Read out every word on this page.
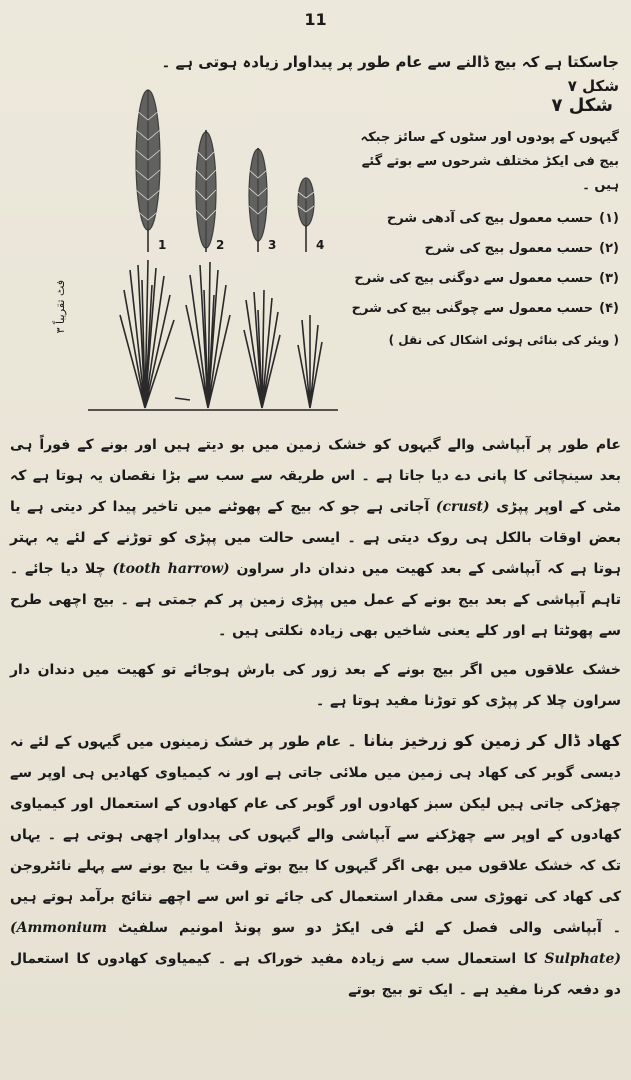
11
جاسکتا ہے کہ بیج ڈالنے سے عام طور پر پیداوار زیادہ ہوتی ہے ۔ شکل ۷
1	2	3	4
۳ فٹ تقریباً
شکل ۷

گیہوں کے پودوں اور سٹوں کے سائز جبکہ بیج فی ایکڑ مختلف شرحوں سے بوتے گئے ہیں ۔

(۱)حسب معمول بیج کی آدھی شرح
(۲)حسب معمول بیج کی شرح
(۳)حسب معمول سے دوگنی بیج کی شرح
(۴)حسب معمول سے چوگنی بیج کی شرح
( ویئر کی بنائی ہوئی اشکال کی نقل )

عام طور پر آبپاشی والے گیہوں کو خشک زمین میں بو دیتے ہیں اور بونے کے فوراً ہی بعد سینچائی کا پانی دے دیا جاتا ہے ۔ اس طریقہ سے سب سے بڑا نقصان یہ ہوتا ہے کہ مٹی کے اوپر پپڑی (crust) آجاتی ہے جو کہ بیج کے پھوٹنے میں تاخیر پیدا کر دیتی ہے یا بعض اوقات بالکل ہی روک دیتی ہے ۔ ایسی حالت میں پپڑی کو توڑنے کے لئے یہ بہتر ہوتا ہے کہ آبپاشی کے بعد کھیت میں دندان دار سراون (tooth harrow) چلا دیا جائے ۔ تاہم آبپاشی کے بعد بیج بونے کے عمل میں پپڑی زمین پر کم جمتی ہے ۔ بیج اچھی طرح سے پھوٹتا ہے اور کلے یعنی شاخیں بھی زیادہ نکلتی ہیں ۔

خشک علاقوں میں اگر بیج بونے کے بعد زور کی بارش ہوجائے تو کھیت میں دندان دار سراون چلا کر پپڑی کو توڑنا مفید ہوتا ہے ۔

کھاد ڈال کر زمین کو زرخیز بنانا ۔ عام طور پر خشک زمینوں میں گیہوں کے لئے نہ دیسی گوبر کی کھاد ہی زمین میں ملائی جاتی ہے اور نہ کیمیاوی کھادیں ہی اوپر سے چھڑکی جاتی ہیں لیکن سبز کھادوں اور گوبر کی عام کھادوں کے استعمال اور کیمیاوی کھادوں کے اوپر سے چھڑکنے سے آبپاشی والے گیہوں کی پیداوار اچھی ہوتی ہے ۔ یہاں تک کہ خشک علاقوں میں بھی اگر گیہوں کا بیج بوتے وقت یا بیج بونے سے پہلے نائٹروجن کی کھاد کی تھوڑی سی مقدار استعمال کی جائے تو اس سے اچھے نتائج برآمد ہوتے ہیں ۔ آبپاشی والی فصل کے لئے فی ایکڑ دو سو پونڈ امونیم سلفیٹ (Ammonium Sulphate) کا استعمال سب سے زیادہ مفید خوراک ہے ۔ کیمیاوی کھادوں کا استعمال دو دفعہ کرنا مفید ہے ۔ ایک تو بیج بوتے
